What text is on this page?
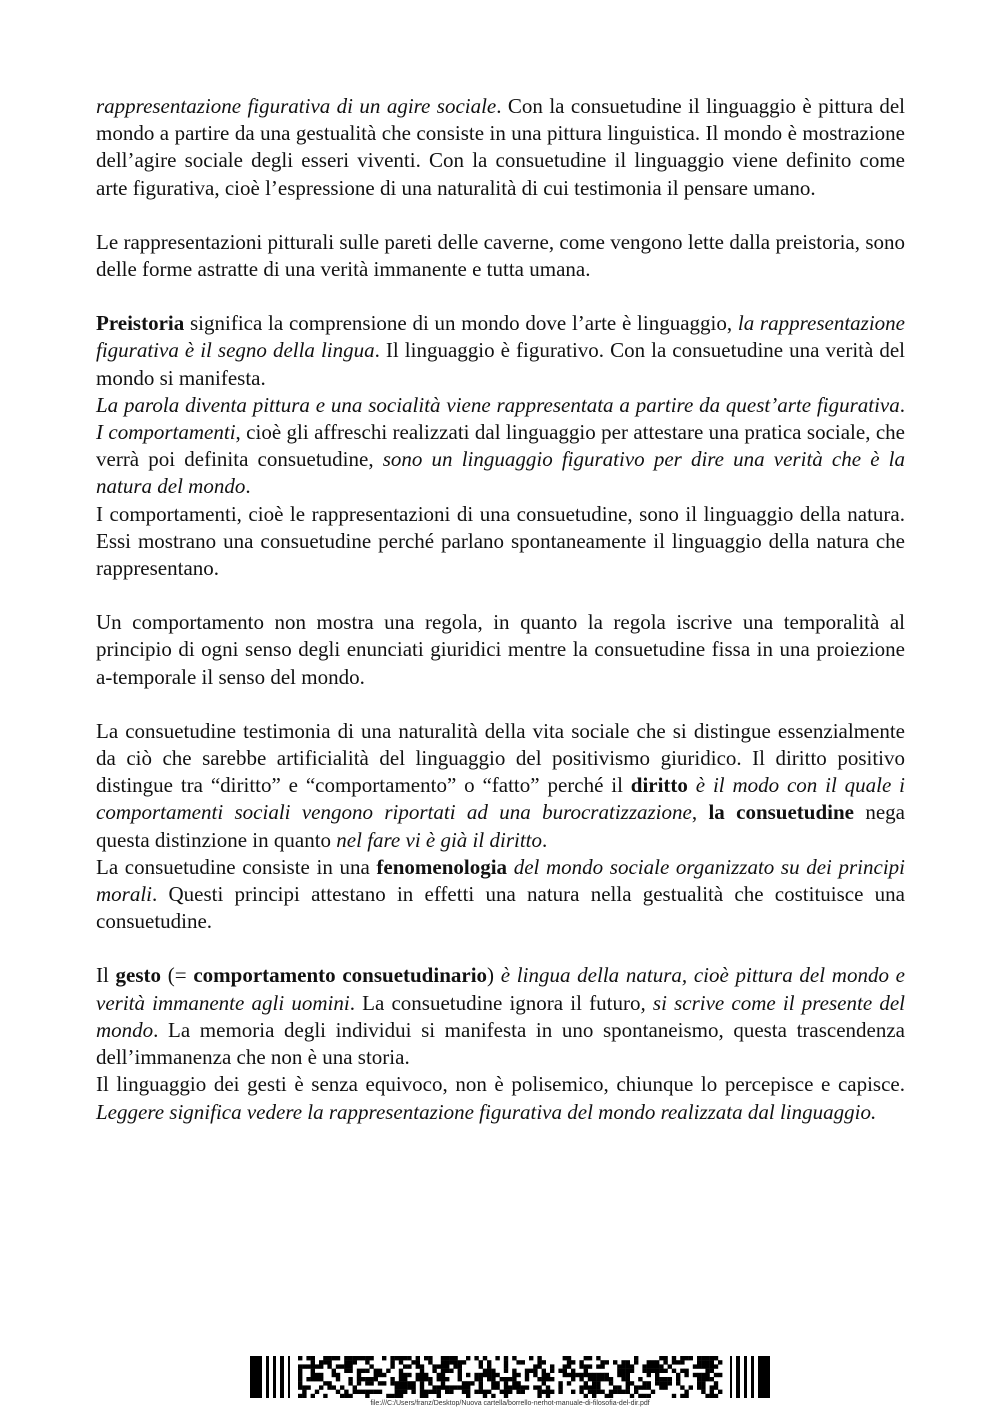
rappresentazione figurativa di un agire sociale. Con la consuetudine il linguaggio è pittura del mondo a partire da una gestualità che consiste in una pittura linguistica. Il mondo è mostrazione dell’agire sociale degli esseri viventi. Con la consuetudine il linguaggio viene definito come arte figurativa, cioè l’espressione di una naturalità di cui testimonia il pensare umano.

Le rappresentazioni pitturali sulle pareti delle caverne, come vengono lette dalla preistoria, sono delle forme astratte di una verità immanente e tutta umana.

Preistoria significa la comprensione di un mondo dove l’arte è linguaggio, la rappresentazione figurativa è il segno della lingua. Il linguaggio è figurativo. Con la consuetudine una verità del mondo si manifesta.

La parola diventa pittura e una socialità viene rappresentata a partire da quest’arte figurativa. I comportamenti, cioè gli affreschi realizzati dal linguaggio per attestare una pratica sociale, che verrà poi definita consuetudine, sono un linguaggio figurativo per dire una verità che è la natura del mondo.

I comportamenti, cioè le rappresentazioni di una consuetudine, sono il linguaggio della natura. Essi mostrano una consuetudine perché parlano spontaneamente il linguaggio della natura che rappresentano.

Un comportamento non mostra una regola, in quanto la regola iscrive una temporalità al principio di ogni senso degli enunciati giuridici mentre la consuetudine fissa in una proiezione a-temporale il senso del mondo.

La consuetudine testimonia di una naturalità della vita sociale che si distingue essenzialmente da ciò che sarebbe artificialità del linguaggio del positivismo giuridico. Il diritto positivo distingue tra “diritto” e “comportamento” o “fatto” perché il diritto è il modo con il quale i comportamenti sociali vengono riportati ad una burocratizzazione, la consuetudine nega questa distinzione in quanto nel fare vi è già il diritto.

La consuetudine consiste in una fenomenologia del mondo sociale organizzato su dei principi morali. Questi principi attestano in effetti una natura nella gestualità che costituisce una consuetudine.

Il gesto (= comportamento consuetudinario) è lingua della natura, cioè pittura del mondo e verità immanente agli uomini. La consuetudine ignora il futuro, si scrive come il presente del mondo. La memoria degli individui si manifesta in uno spontaneismo, questa trascendenza dell’immanenza che non è una storia.

Il linguaggio dei gesti è senza equivoco, non è polisemico, chiunque lo percepisce e capisce. Leggere significa vedere la rappresentazione figurativa del mondo realizzata dal linguaggio.

file:///C:/Users/franz/Desktop/Nuova cartella/borrello-nerhot-manuale-di-filosofia-del-dir.pdf
